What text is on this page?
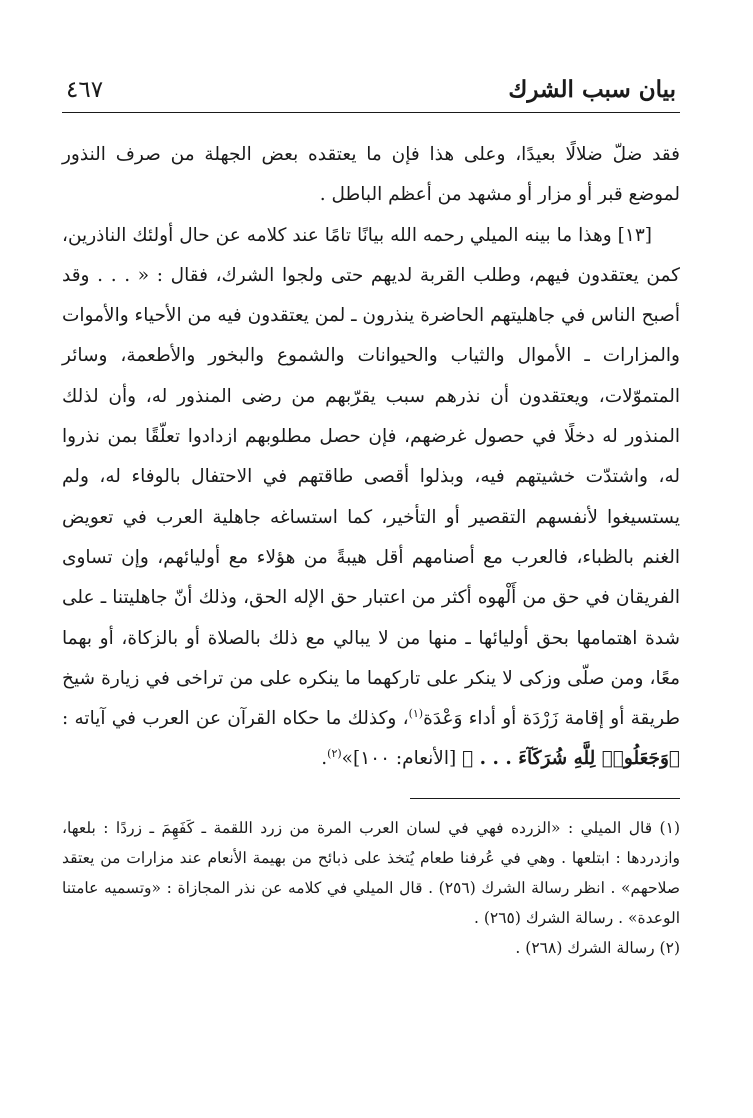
بيان سبب الشرك
٤٦٧

فقد ضلّ ضلالًا بعيدًا، وعلى هذا فإن ما يعتقده بعض الجهلة من صرف النذور لموضع قبر أو مزار أو مشهد من أعظم الباطل .

[١٣] وهذا ما بينه الميلي رحمه الله بيانًا تامًا عند كلامه عن حال أولئك الناذرين، كمن يعتقدون فيهم، وطلب القربة لديهم حتى ولجوا الشرك، فقال : « . . . وقد أصبح الناس في جاهليتهم الحاضرة ينذرون ـ لمن يعتقدون فيه من الأحياء والأموات والمزارات ـ الأموال والثياب والحيوانات والشموع والبخور والأطعمة، وسائر المتموّلات، ويعتقدون أن نذرهم سبب يقرّبهم من رضى المنذور له، وأن لذلك المنذور له دخلًا في حصول غرضهم، فإن حصل مطلوبهم ازدادوا تعلّقًا بمن نذروا له، واشتدّت خشيتهم فيه، وبذلوا أقصى طاقتهم في الاحتفال بالوفاء له، ولم يستسيغوا لأنفسهم التقصير أو التأخير، كما استساغه جاهلية العرب في تعويض الغنم بالظباء، فالعرب مع أصنامهم أقل هيبةً من هؤلاء مع أوليائهم، وإن تساوى الفريقان في حق من أَلْهوه أكثر من اعتبار حق الإله الحق، وذلك أنّ جاهليتنا ـ على شدة اهتمامها بحق أوليائها ـ منها من لا يبالي مع ذلك بالصلاة أو بالزكاة، أو بهما معًا، ومن صلّى وزكى لا ينكر على تاركهما ما ينكره على من تراخى في زيارة شيخ طريقة أو إقامة زَرْدَة أو أداء وَعْدَة$^{(١)}$، وكذلك ما حكاه القرآن عن العرب في آياته : ﴿وَجَعَلُوا۟ لِلَّهِ شُرَكَآءَ . . . ﴾ [الأنعام: ١٠٠]»$^{(٢)}$.

(١) قال الميلي : «الزرده فهي في لسان العرب المرة من زرد اللقمة ـ كَفَهِمَ ـ زردًا : بلعها، وازدردها : ابتلعها . وهي في عُرفنا طعام يُتخذ على ذبائح من بهيمة الأنعام عند مزارات من يعتقد صلاحهم» . انظر رسالة الشرك (٢٥٦) . قال الميلي في كلامه عن نذر المجازاة : «وتسميه عامتنا الوعدة» . رسالة الشرك (٢٦٥) .

(٢) رسالة الشرك (٢٦٨) .
